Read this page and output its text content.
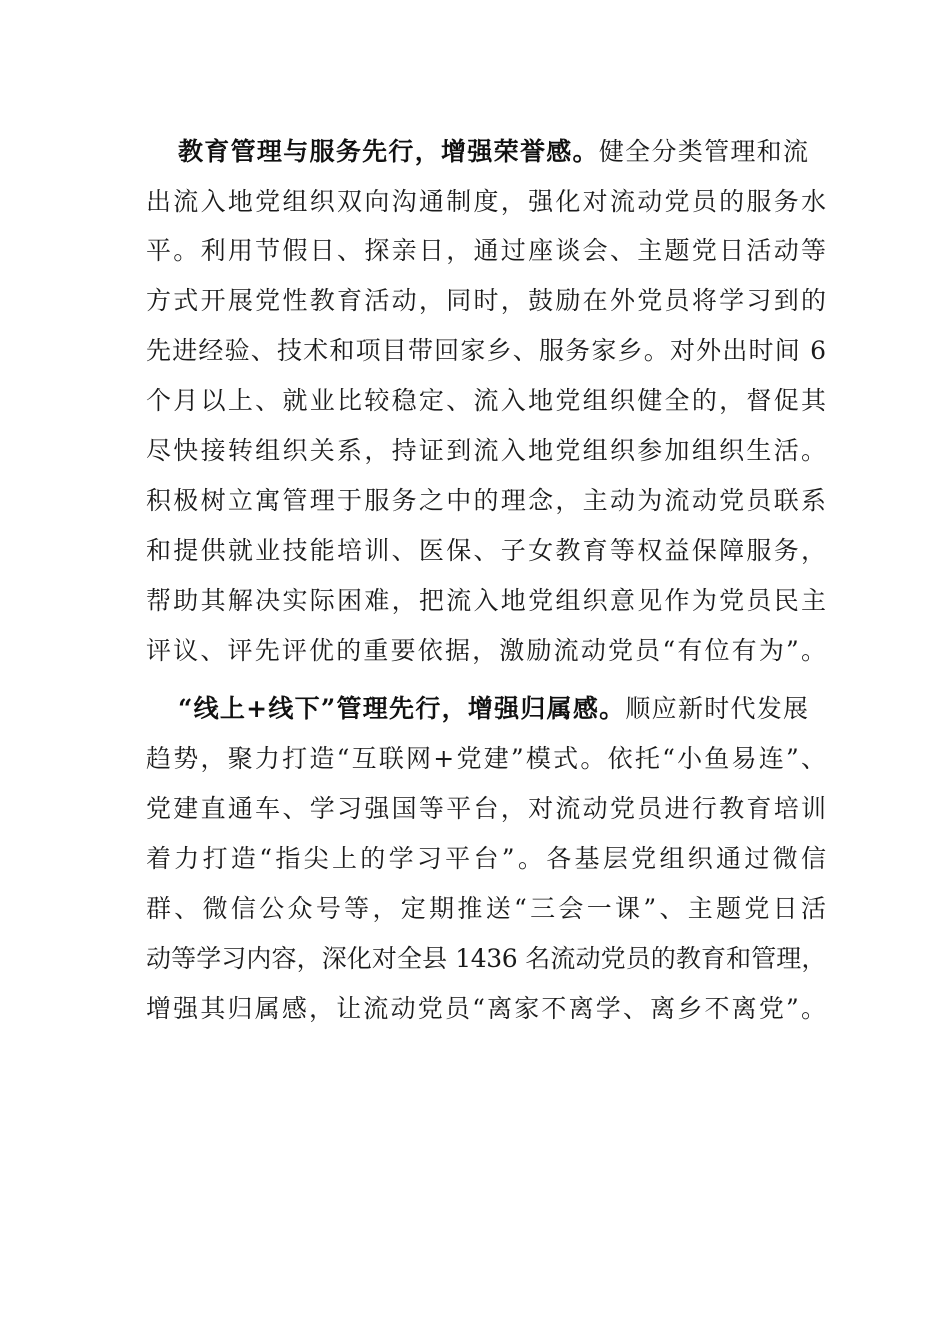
教育管理与服务先行，增强荣誉感。健全分类管理和流
出流入地党组织双向沟通制度，强化对流动党员的服务水
平。利用节假日、探亲日，通过座谈会、主题党日活动等
方式开展党性教育活动，同时，鼓励在外党员将学习到的
先进经验、技术和项目带回家乡、服务家乡。对外出时间 6
个月以上、就业比较稳定、流入地党组织健全的，督促其
尽快接转组织关系，持证到流入地党组织参加组织生活。
积极树立寓管理于服务之中的理念，主动为流动党员联系
和提供就业技能培训、医保、子女教育等权益保障服务，
帮助其解决实际困难，把流入地党组织意见作为党员民主
评议、评先评优的重要依据，激励流动党员“有位有为”。
“线上+线下”管理先行，增强归属感。顺应新时代发展
趋势，聚力打造“互联网+党建”模式。依托“小鱼易连”、
党建直通车、学习强国等平台，对流动党员进行教育培训
着力打造“指尖上的学习平台”。各基层党组织通过微信
群、微信公众号等，定期推送“三会一课”、主题党日活
动等学习内容，深化对全县 1436 名流动党员的教育和管理，
增强其归属感，让流动党员“离家不离学、离乡不离党”。
